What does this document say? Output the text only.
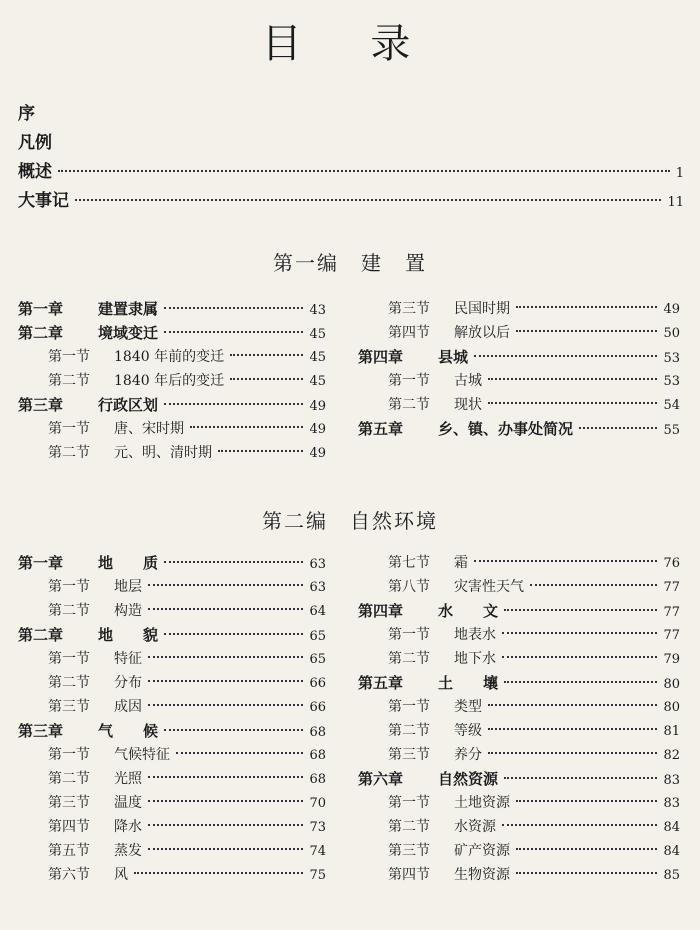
目 录
序
凡例
概述	1
大事记	11
第一编　建　置
第一章	建置隶属	43
第二章	境域变迁	45
第一节	1840 年前的变迁	45
第二节	1840 年后的变迁	45
第三章	行政区划	49
第一节	唐、宋时期	49
第二节	元、明、清时期	49
第三节	民国时期	49
第四节	解放以后	50
第四章	县城	53
第一节	古城	53
第二节	现状	54
第五章	乡、镇、办事处简况	55
第二编　自然环境
第一章	地　　质	63
第一节	地层	63
第二节	构造	64
第二章	地　　貌	65
第一节	特征	65
第二节	分布	66
第三节	成因	66
第三章	气　　候	68
第一节	气候特征	68
第二节	光照	68
第三节	温度	70
第四节	降水	73
第五节	蒸发	74
第六节	风	75
第七节	霜	76
第八节	灾害性天气	77
第四章	水　　文	77
第一节	地表水	77
第二节	地下水	79
第五章	土　　壤	80
第一节	类型	80
第二节	等级	81
第三节	养分	82
第六章	自然资源	83
第一节	土地资源	83
第二节	水资源	84
第三节	矿产资源	84
第四节	生物资源	85
